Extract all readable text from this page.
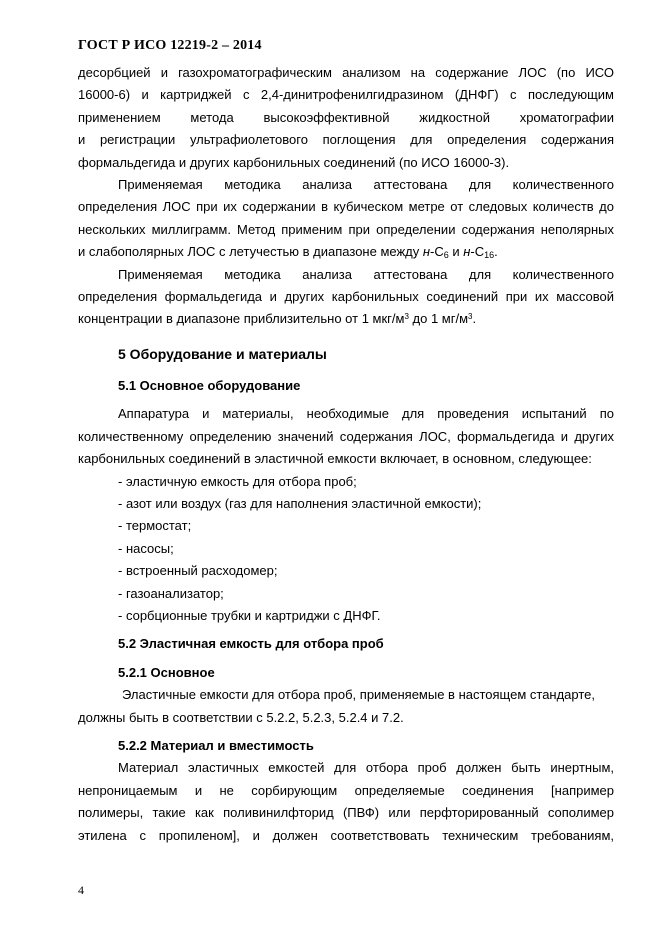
ГОСТ Р ИСО 12219-2 – 2014
десорбцией и газохроматографическим анализом на содержание ЛОС (по ИСО
16000-6) и картриджей с 2,4-динитрофенилгидразином (ДНФГ) с последующим
применением метода высокоэффективной жидкостной хроматографии
и регистрации ультрафиолетового поглощения для определения содержания
формальдегида и других карбонильных соединений (по ИСО 16000-3).
Применяемая методика анализа аттестована для количественного
определения ЛОС при их содержании в кубическом метре от следовых количеств до
нескольких миллиграмм. Метод применим при определении содержания неполярных
и слабополярных ЛОС с летучестью в диапазоне между $н-С_6$ и $н-С_{16}$.
Применяемая методика анализа аттестована для количественного
определения формальдегида и других карбонильных соединений при их массовой
концентрации в диапазоне приблизительно от 1 мкг/$м^3$ до 1 $мг/м^3$.
5 Оборудование и материалы
5.1 Основное оборудование
Аппаратура и материалы, необходимые для проведения испытаний по
количественному определению значений содержания ЛОС, формальдегида и других
карбонильных соединений в эластичной емкости включает, в основном, следующее:
- эластичную емкость для отбора проб;
- азот или воздух (газ для наполнения эластичной емкости);
- термостат;
- насосы;
- встроенный расходомер;
- газоанализатор;
- сорбционные трубки и картриджи с ДНФГ.
5.2 Эластичная емкость для отбора проб
5.2.1 Основное
Эластичные емкости для отбора проб, применяемые в настоящем стандарте,
должны быть в соответствии с 5.2.2, 5.2.3, 5.2.4 и 7.2.
5.2.2 Материал и вместимость
Материал эластичных емкостей для отбора проб должен быть инертным,
непроницаемым и не сорбирующим определяемые соединения [например
полимеры, такие как поливинилфторид (ПВФ) или перфторированный сополимер
этилена с пропиленом], и должен соответствовать техническим требованиям,
4
